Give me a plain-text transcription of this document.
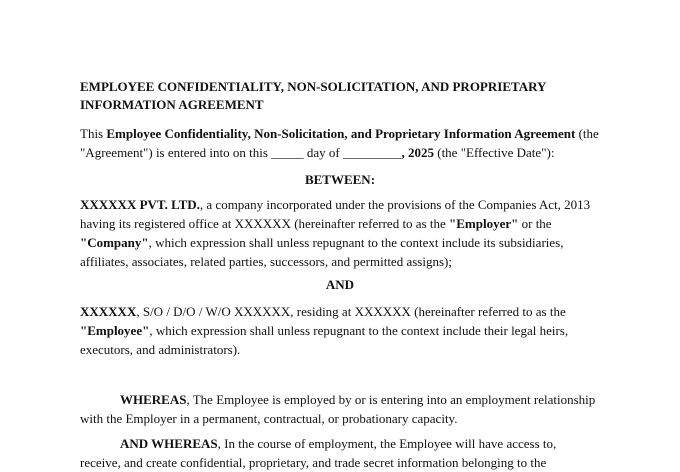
EMPLOYEE CONFIDENTIALITY, NON-SOLICITATION, AND PROPRIETARY
INFORMATION AGREEMENT

This Employee Confidentiality, Non-Solicitation, and Proprietary Information Agreement (the "Agreement") is entered into on this _____ day of _________, 2025 (the "Effective Date"):

BETWEEN:

XXXXXX PVT. LTD., a company incorporated under the provisions of the Companies Act, 2013 having its registered office at XXXXXX (hereinafter referred to as the "Employer" or the "Company", which expression shall unless repugnant to the context include its subsidiaries, affiliates, associates, related parties, successors, and permitted assigns);

AND

XXXXXX, S/O / D/O / W/O XXXXXX, residing at XXXXXX (hereinafter referred to as the "Employee", which expression shall unless repugnant to the context include their legal heirs, executors, and administrators).

WHEREAS, The Employee is employed by or is entering into an employment relationship with the Employer in a permanent, contractual, or probationary capacity.

AND WHEREAS, In the course of employment, the Employee will have access to, receive, and create confidential, proprietary, and trade secret information belonging to the
